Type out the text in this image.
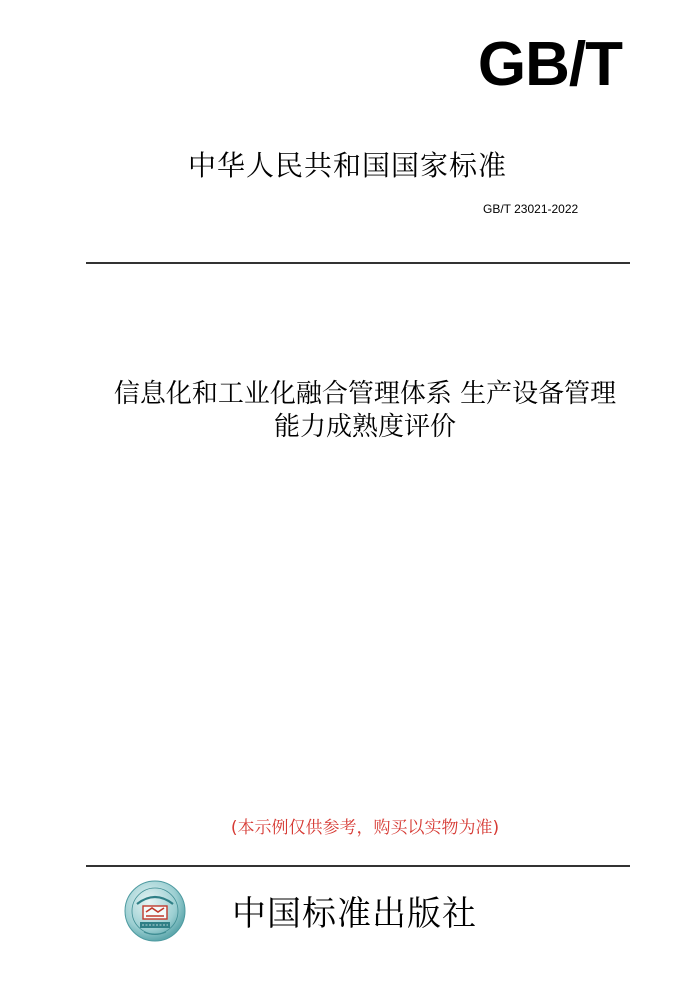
GB/T
中华人民共和国国家标准
GB/T 23021-2022
信息化和工业化融合管理体系 生产设备管理
能力成熟度评价
(本示例仅供参考，购买以实物为准)
中国标准出版社
